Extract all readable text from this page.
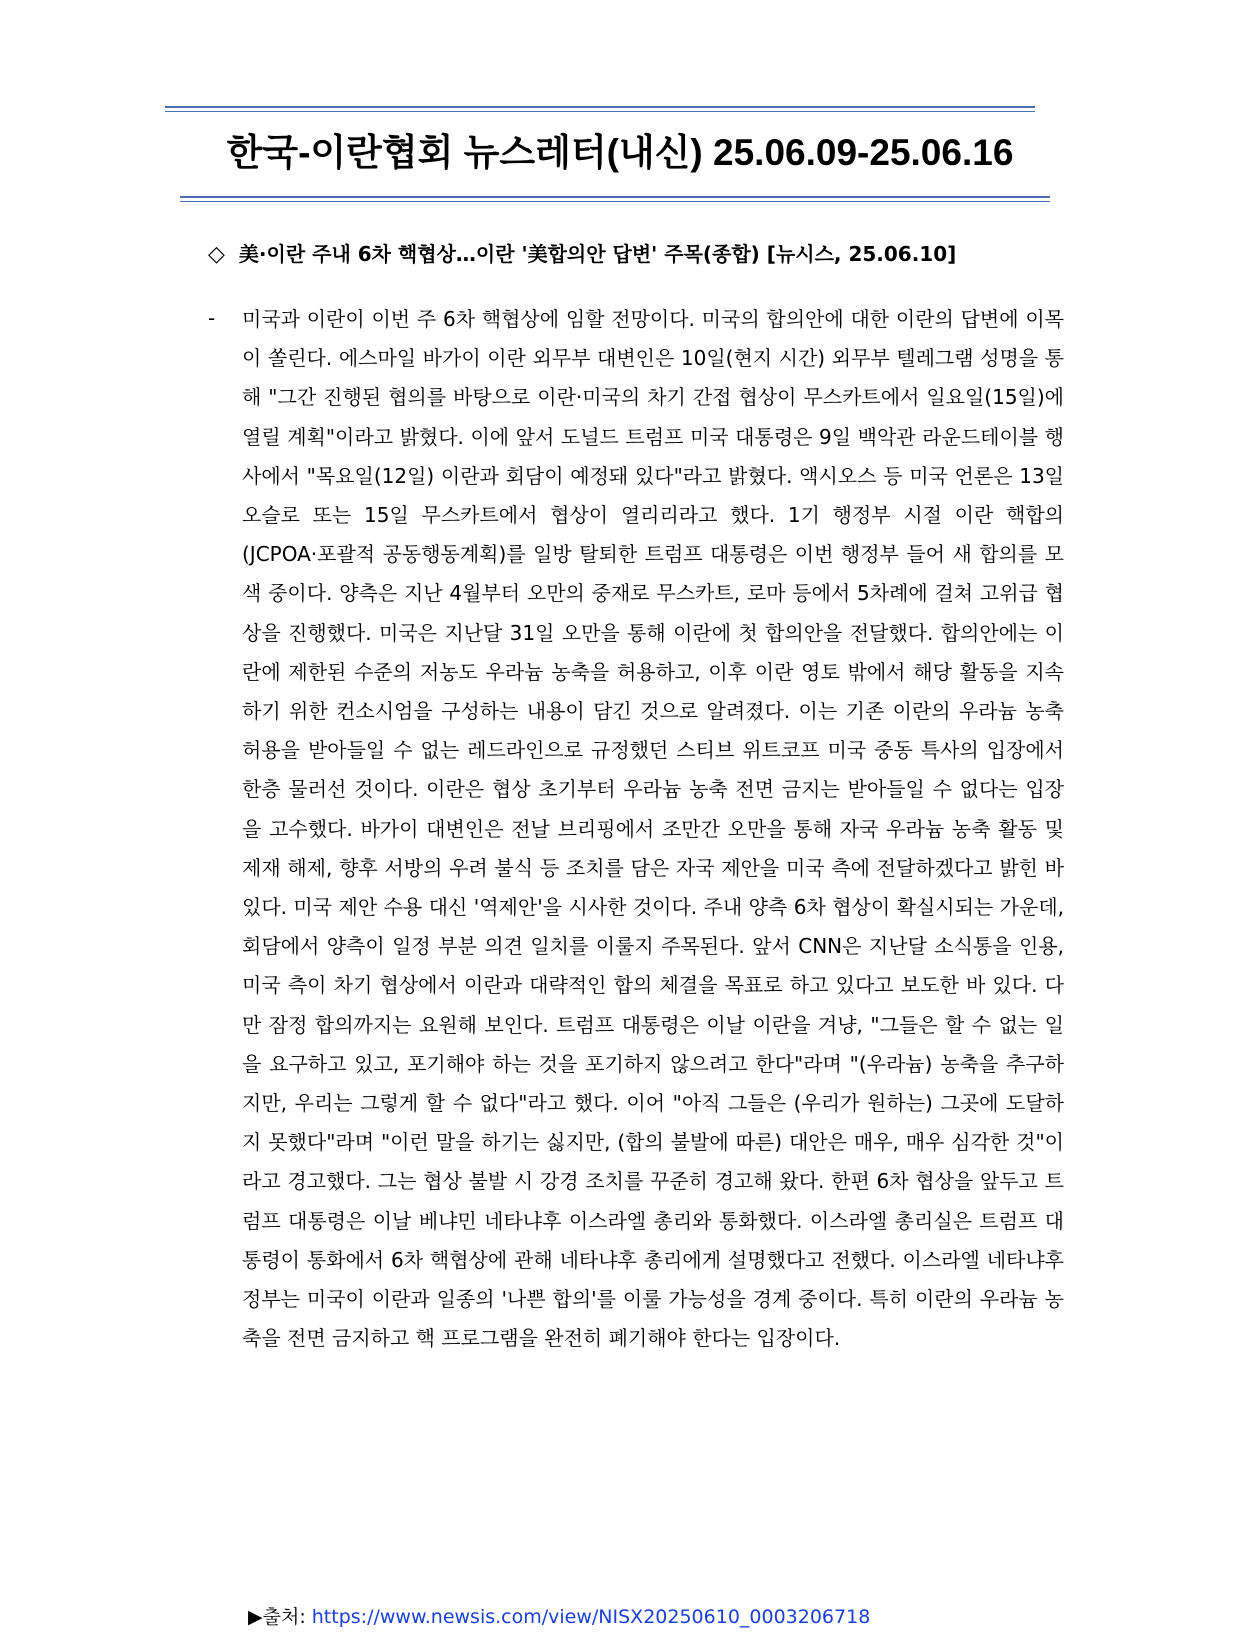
한국-이란협회 뉴스레터(내신) 25.06.09-25.06.16
◇ 美·이란 주내 6차 핵협상…이란 '美합의안 답변' 주목(종합) [뉴시스, 25.06.10]
- 미국과 이란이 이번 주 6차 핵협상에 임할 전망이다. 미국의 합의안에 대한 이란의 답변에 이목이 쏠린다. 에스마일 바가이 이란 외무부 대변인은 10일(현지 시간) 외무부 텔레그램 성명을 통해 "그간 진행된 협의를 바탕으로 이란·미국의 차기 간접 협상이 무스카트에서 일요일(15일)에 열릴 계획"이라고 밝혔다. 이에 앞서 도널드 트럼프 미국 대통령은 9일 백악관 라운드테이블 행사에서 "목요일(12일) 이란과 회담이 예정돼 있다"라고 밝혔다. 액시오스 등 미국 언론은 13일 오슬로 또는 15일 무스카트에서 협상이 열리리라고 했다. 1기 행정부 시절 이란 핵합의(JCPOA·포괄적 공동행동계획)를 일방 탈퇴한 트럼프 대통령은 이번 행정부 들어 새 합의를 모색 중이다. 양측은 지난 4월부터 오만의 중재로 무스카트, 로마 등에서 5차례에 걸쳐 고위급 협상을 진행했다. 미국은 지난달 31일 오만을 통해 이란에 첫 합의안을 전달했다. 합의안에는 이란에 제한된 수준의 저농도 우라늄 농축을 허용하고, 이후 이란 영토 밖에서 해당 활동을 지속하기 위한 컨소시엄을 구성하는 내용이 담긴 것으로 알려졌다. 이는 기존 이란의 우라늄 농축 허용을 받아들일 수 없는 레드라인으로 규정했던 스티브 위트코프 미국 중동 특사의 입장에서 한층 물러선 것이다. 이란은 협상 초기부터 우라늄 농축 전면 금지는 받아들일 수 없다는 입장을 고수했다. 바가이 대변인은 전날 브리핑에서 조만간 오만을 통해 자국 우라늄 농축 활동 및 제재 해제, 향후 서방의 우려 불식 등 조치를 담은 자국 제안을 미국 측에 전달하겠다고 밝힌 바 있다. 미국 제안 수용 대신 '역제안'을 시사한 것이다. 주내 양측 6차 협상이 확실시되는 가운데, 회담에서 양측이 일정 부분 의견 일치를 이룰지 주목된다. 앞서 CNN은 지난달 소식통을 인용, 미국 측이 차기 협상에서 이란과 대략적인 합의 체결을 목표로 하고 있다고 보도한 바 있다. 다만 잠정 합의까지는 요원해 보인다. 트럼프 대통령은 이날 이란을 겨냥, "그들은 할 수 없는 일을 요구하고 있고, 포기해야 하는 것을 포기하지 않으려고 한다"라며 "(우라늄) 농축을 추구하지만, 우리는 그렇게 할 수 없다"라고 했다. 이어 "아직 그들은 (우리가 원하는) 그곳에 도달하지 못했다"라며 "이런 말을 하기는 싫지만, (합의 불발에 따른) 대안은 매우, 매우 심각한 것"이라고 경고했다. 그는 협상 불발 시 강경 조치를 꾸준히 경고해 왔다. 한편 6차 협상을 앞두고 트럼프 대통령은 이날 베냐민 네타냐후 이스라엘 총리와 통화했다. 이스라엘 총리실은 트럼프 대통령이 통화에서 6차 핵협상에 관해 네타냐후 총리에게 설명했다고 전했다. 이스라엘 네타냐후 정부는 미국이 이란과 일종의 '나쁜 합의'를 이룰 가능성을 경계 중이다. 특히 이란의 우라늄 농축을 전면 금지하고 핵 프로그램을 완전히 폐기해야 한다는 입장이다.

▶출처: https://www.newsis.com/view/NISX20250610_0003206718
